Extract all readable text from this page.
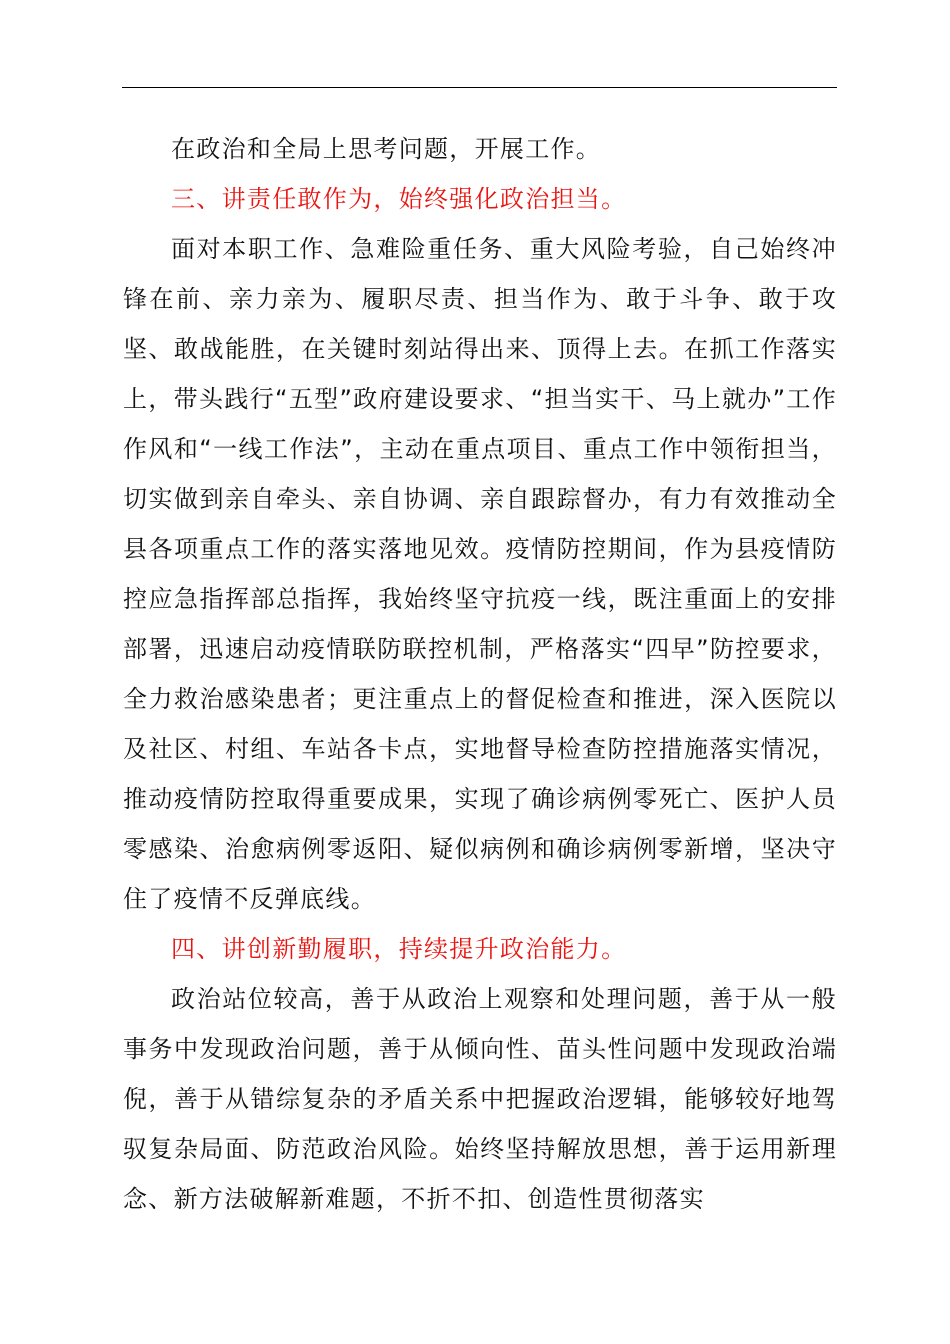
在政治和全局上思考问题，开展工作。

三、讲责任敢作为，始终强化政治担当。

面对本职工作、急难险重任务、重大风险考验，自己始终冲锋在前、亲力亲为、履职尽责、担当作为、敢于斗争、敢于攻坚、敢战能胜，在关键时刻站得出来、顶得上去。在抓工作落实上，带头践行“五型”政府建设要求、“担当实干、马上就办”工作作风和“一线工作法”，主动在重点项目、重点工作中领衔担当，切实做到亲自牵头、亲自协调、亲自跟踪督办，有力有效推动全县各项重点工作的落实落地见效。疫情防控期间，作为县疫情防控应急指挥部总指挥，我始终坚守抗疫一线，既注重面上的安排部署，迅速启动疫情联防联控机制，严格落实“四早”防控要求，全力救治感染患者；更注重点上的督促检查和推进，深入医院以及社区、村组、车站各卡点，实地督导检查防控措施落实情况，推动疫情防控取得重要成果，实现了确诊病例零死亡、医护人员零感染、治愈病例零返阳、疑似病例和确诊病例零新增，坚决守住了疫情不反弹底线。

四、讲创新勤履职，持续提升政治能力。

政治站位较高，善于从政治上观察和处理问题，善于从一般事务中发现政治问题，善于从倾向性、苗头性问题中发现政治端倪，善于从错综复杂的矛盾关系中把握政治逻辑，能够较好地驾驭复杂局面、防范政治风险。始终坚持解放思想，善于运用新理念、新方法破解新难题，不折不扣、创造性贯彻落实
